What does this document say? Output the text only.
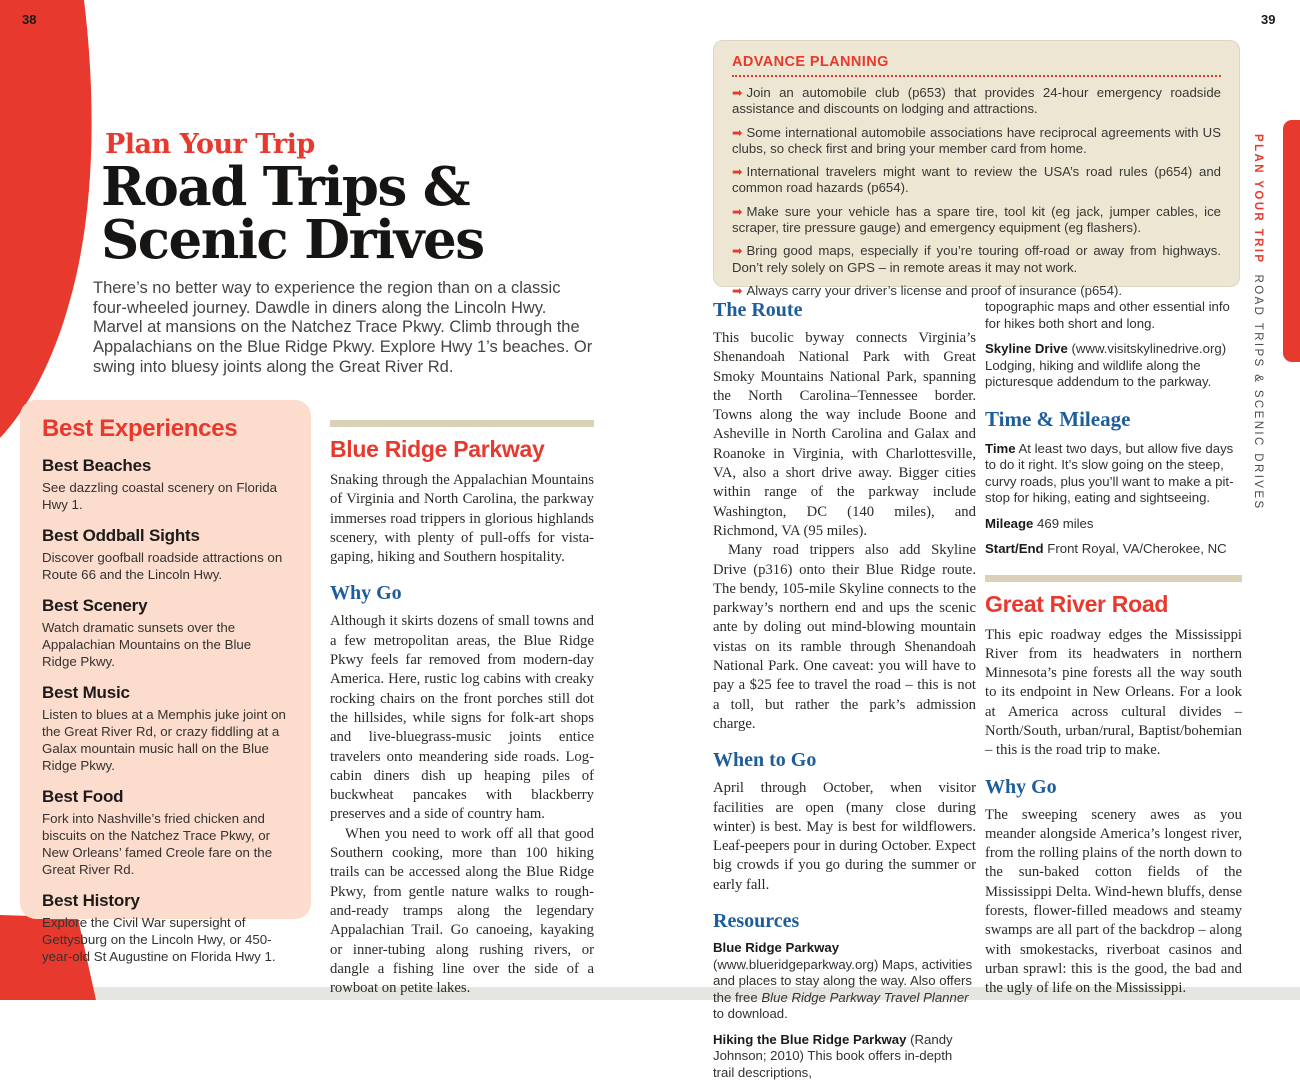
38	39
Plan Your Trip
Road Trips &
Scenic Drives
There’s no better way to experience the region than on a classic four-wheeled journey. Dawdle in diners along the Lincoln Hwy. Marvel at mansions on the Natchez Trace Pkwy. Climb through the Appalachians on the Blue Ridge Pkwy. Explore Hwy 1’s beaches. Or swing into bluesy joints along the Great River Rd.
Best Experiences
Best Beaches

See dazzling coastal scenery on Florida Hwy 1.

Best Oddball Sights

Discover goofball roadside attractions on Route 66 and the Lincoln Hwy.

Best Scenery

Watch dramatic sunsets over the Appalachian Mountains on the Blue Ridge Pkwy.

Best Music

Listen to blues at a Memphis juke joint on the Great River Rd, or crazy fiddling at a Galax mountain music hall on the Blue Ridge Pkwy.

Best Food

Fork into Nashville’s fried chicken and biscuits on the Natchez Trace Pkwy, or New Orleans’ famed Creole fare on the Great River Rd.

Best History

Explore the Civil War supersight of Gettysburg on the Lincoln Hwy, or 450-year-old St Augustine on Florida Hwy 1.

Blue Ridge Parkway

Snaking through the Appalachian Mountains of Virginia and North Carolina, the parkway immerses road trippers in glorious highlands scenery, with plenty of pull-offs for vista-gaping, hiking and Southern hospitality.

Why Go

Although it skirts dozens of small towns and a few metropolitan areas, the Blue Ridge Pkwy feels far removed from modern-day America. Here, rustic log cabins with creaky rocking chairs on the front porches still dot the hillsides, while signs for folk-art shops and live-bluegrass-music joints entice travelers onto meandering side roads. Log-cabin diners dish up heaping piles of buckwheat pancakes with blackberry preserves and a side of country ham.

When you need to work off all that good Southern cooking, more than 100 hiking trails can be accessed along the Blue Ridge Pkwy, from gentle nature walks to rough-and-ready tramps along the legendary Appalachian Trail. Go canoeing, kayaking or inner-tubing along rushing rivers, or dangle a fishing line over the side of a rowboat on petite lakes.

ADVANCE PLANNING

➡ Join an automobile club (p653) that provides 24-hour emergency roadside assistance and discounts on lodging and attractions.

➡ Some international automobile associations have reciprocal agreements with US clubs, so check first and bring your member card from home.

➡ International travelers might want to review the USA’s road rules (p654) and common road hazards (p654).

➡ Make sure your vehicle has a spare tire, tool kit (eg jack, jumper cables, ice scraper, tire pressure gauge) and emergency equipment (eg flashers).

➡ Bring good maps, especially if you’re touring off-road or away from highways. Don’t rely solely on GPS – in remote areas it may not work.

➡ Always carry your driver’s license and proof of insurance (p654).

The Route

This bucolic byway connects Virginia’s Shenandoah National Park with Great Smoky Mountains National Park, spanning the North Carolina–Tennessee border. Towns along the way include Boone and Asheville in North Carolina and Galax and Roanoke in Virginia, with Charlottesville, VA, also a short drive away. Bigger cities within range of the parkway include Washington, DC (140 miles), and Richmond, VA (95 miles).

Many road trippers also add Skyline Drive (p316) onto their Blue Ridge route. The bendy, 105-mile Skyline connects to the parkway’s northern end and ups the scenic ante by doling out mind-blowing mountain vistas on its ramble through Shenandoah National Park. One caveat: you will have to pay a $25 fee to travel the road – this is not a toll, but rather the park’s admission charge.

When to Go

April through October, when visitor facilities are open (many close during winter) is best. May is best for wildflowers. Leaf-peepers pour in during October. Expect big crowds if you go during the summer or early fall.

Resources

Blue Ridge Parkway (www.blueridgeparkway.org) Maps, activities and places to stay along the way. Also offers the free Blue Ridge Parkway Travel Planner to download.

Hiking the Blue Ridge Parkway (Randy Johnson; 2010) This book offers in-depth trail descriptions,

topographic maps and other essential info for hikes both short and long.

Skyline Drive (www.visitskylinedrive.org) Lodging, hiking and wildlife along the picturesque addendum to the parkway.

Time & Mileage

Time At least two days, but allow five days to do it right. It’s slow going on the steep, curvy roads, plus you’ll want to make a pit-stop for hiking, eating and sightseeing.

Mileage 469 miles

Start/End Front Royal, VA/Cherokee, NC

Great River Road

This epic roadway edges the Mississippi River from its headwaters in northern Minnesota’s pine forests all the way south to its endpoint in New Orleans. For a look at America across cultural divides – North/South, urban/rural, Baptist/bohemian – this is the road trip to make.

Why Go

The sweeping scenery awes as you meander alongside America’s longest river, from the rolling plains of the north down to the sun-baked cotton fields of the Mississippi Delta. Wind-hewn bluffs, dense forests, flower-filled meadows and steamy swamps are all part of the backdrop – along with smokestacks, riverboat casinos and urban sprawl: this is the good, the bad and the ugly of life on the Mississippi.

PLAN YOUR TRIPROAD TRIPS & SCENIC DRIVES
